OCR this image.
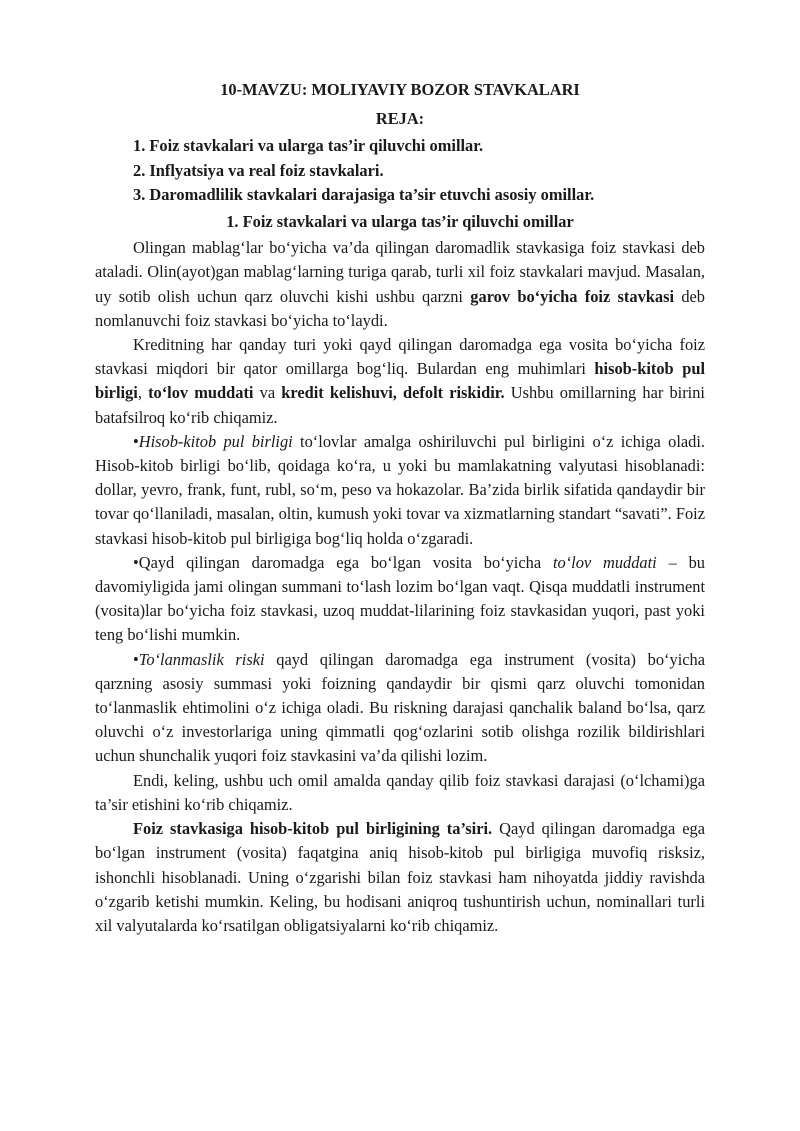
10-MAVZU: MOLIYAVIY BOZOR STAVKALARI
REJA:
1. Foiz stavkalari va ularga tas’ir qiluvchi omillar.
2. Inflyatsiya va real foiz stavkalari.
3. Daromadlilik stavkalari darajasiga ta’sir etuvchi asosiy omillar.
1. Foiz stavkalari va ularga tas’ir qiluvchi omillar

Olingan mablag‘lar bo‘yicha va’da qilingan daromadlik stavkasiga foiz stavkasi deb ataladi. Olin(ayot)gan mablag‘larning turiga qarab, turli xil foiz stavkalari mavjud. Masalan, uy sotib olish uchun qarz oluvchi kishi ushbu qarzni garov bo‘yicha foiz stavkasi deb nomlanuvchi foiz stavkasi bo‘yicha to‘laydi.

Kreditning har qanday turi yoki qayd qilingan daromadga ega vosita bo‘yicha foiz stavkasi miqdori bir qator omillarga bog‘liq. Bulardan eng muhimlari hisob-kitob pul birligi, to‘lov muddati va kredit kelishuvi, defolt riskidir. Ushbu omillarning har birini batafsilroq ko‘rib chiqamiz.

•Hisob-kitob pul birligi to‘lovlar amalga oshiriluvchi pul birligini o‘z ichiga oladi. Hisob-kitob birligi bo‘lib, qoidaga ko‘ra, u yoki bu mamlakatning valyutasi hisoblanadi: dollar, yevro, frank, funt, rubl, so‘m, peso va hokazolar. Ba’zida birlik sifatida qandaydir bir tovar qo‘llaniladi, masalan, oltin, kumush yoki tovar va xizmatlarning standart “savati”. Foiz stavkasi hisob-kitob pul birligiga bog‘liq holda o‘zgaradi.

•Qayd qilingan daromadga ega bo‘lgan vosita bo‘yicha to‘lov muddati – bu davomiyligida jami olingan summani to‘lash lozim bo‘lgan vaqt. Qisqa muddatli instrument (vosita)lar bo‘yicha foiz stavkasi, uzoq muddat-lilarining foiz stavkasidan yuqori, past yoki teng bo‘lishi mumkin.

•To‘lanmaslik riski qayd qilingan daromadga ega instrument (vosita) bo‘yicha qarzning asosiy summasi yoki foizning qandaydir bir qismi qarz oluvchi tomonidan to‘lanmaslik ehtimolini o‘z ichiga oladi. Bu riskning darajasi qanchalik baland bo‘lsa, qarz oluvchi o‘z investorlariga uning qimmatli qog‘ozlarini sotib olishga rozilik bildirishlari uchun shunchalik yuqori foiz stavkasini va’da qilishi lozim.

Endi, keling, ushbu uch omil amalda qanday qilib foiz stavkasi darajasi (o‘lchami)ga ta’sir etishini ko‘rib chiqamiz.

Foiz stavkasiga hisob-kitob pul birligining ta’siri. Qayd qilingan daromadga ega bo‘lgan instrument (vosita) faqatgina aniq hisob-kitob pul birligiga muvofiq risksiz, ishonchli hisoblanadi. Uning o‘zgarishi bilan foiz stavkasi ham nihoyatda jiddiy ravishda o‘zgarib ketishi mumkin. Keling, bu hodisani aniqroq tushuntirish uchun, nominallari turli xil valyutalarda ko‘rsatilgan obligatsiyalarni ko‘rib chiqamiz.
